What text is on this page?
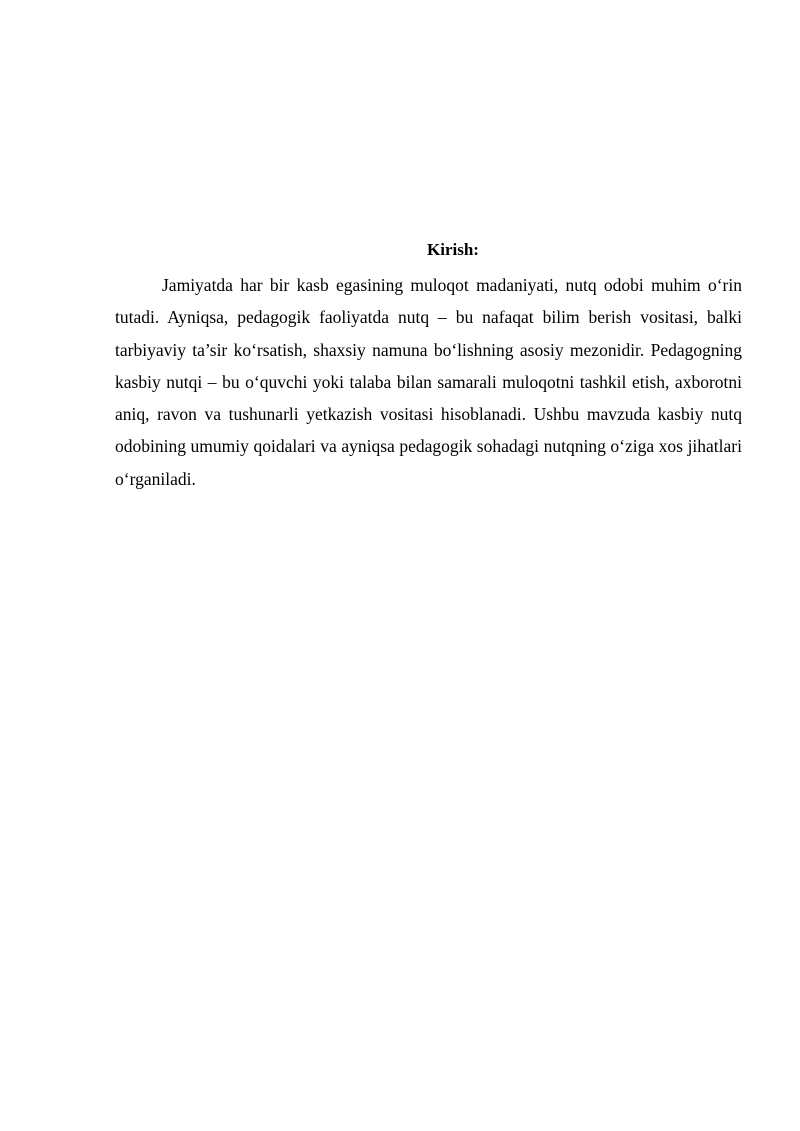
Kirish:

Jamiyatda har bir kasb egasining muloqot madaniyati, nutq odobi muhim o‘rin tutadi. Ayniqsa, pedagogik faoliyatda nutq – bu nafaqat bilim berish vositasi, balki tarbiyaviy ta’sir ko‘rsatish, shaxsiy namuna bo‘lishning asosiy mezonidir. Pedagogning kasbiy nutqi – bu o‘quvchi yoki talaba bilan samarali muloqotni tashkil etish, axborotni aniq, ravon va tushunarli yetkazish vositasi hisoblanadi. Ushbu mavzuda kasbiy nutq odobining umumiy qoidalari va ayniqsa pedagogik sohadagi nutqning o‘ziga xos jihatlari o‘rganiladi.
